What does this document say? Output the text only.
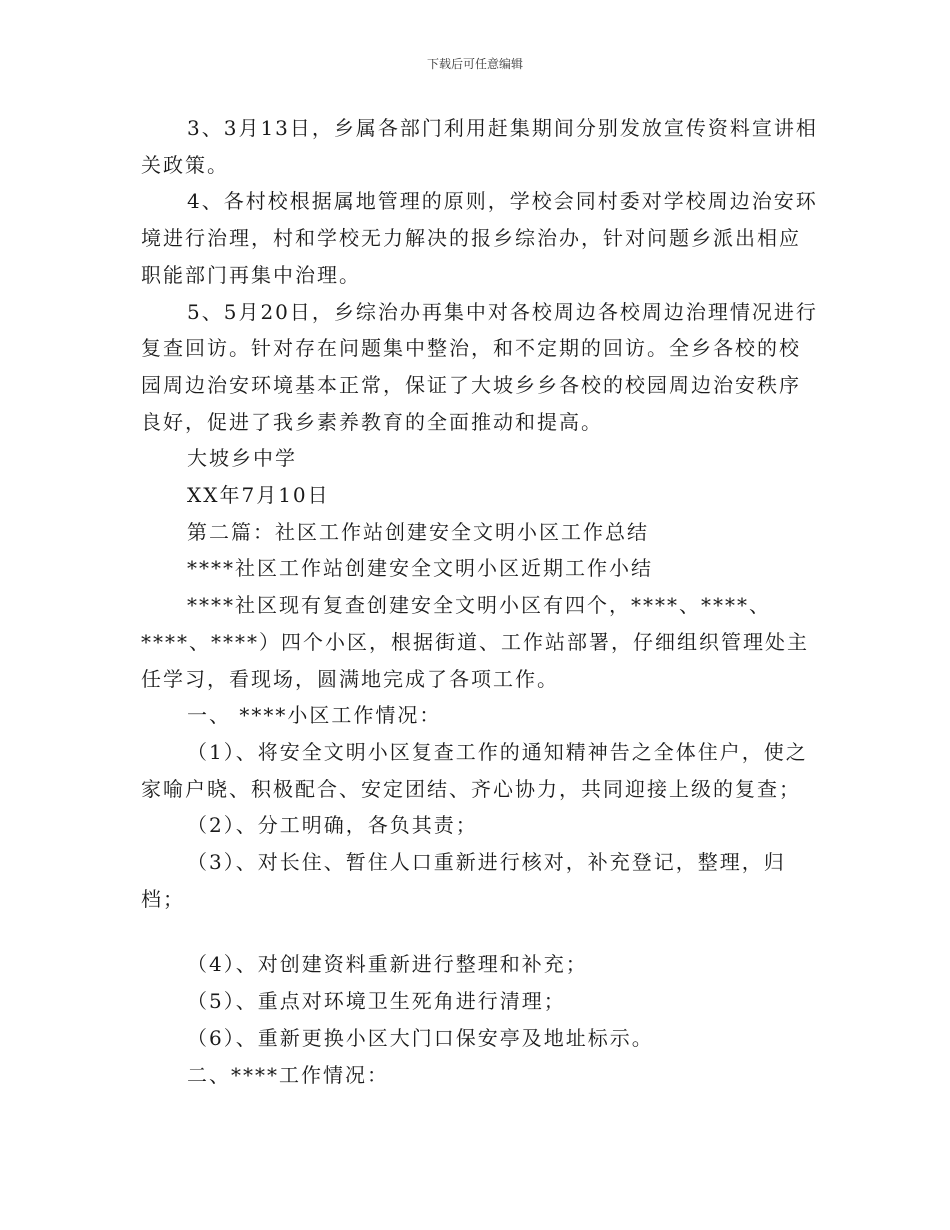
下载后可任意编辑

3、3月13日，乡属各部门利用赶集期间分别发放宣传资料宣讲相关政策。

4、各村校根据属地管理的原则，学校会同村委对学校周边治安环境进行治理，村和学校无力解决的报乡综治办，针对问题乡派出相应职能部门再集中治理。

5、5月20日，乡综治办再集中对各校周边各校周边治理情况进行复查回访。针对存在问题集中整治，和不定期的回访。全乡各校的校园周边治安环境基本正常，保证了大坡乡乡各校的校园周边治安秩序良好，促进了我乡素养教育的全面推动和提高。

大坡乡中学

XX年7月10日

第二篇：社区工作站创建安全文明小区工作总结

****社区工作站创建安全文明小区近期工作小结

****社区现有复查创建安全文明小区有四个，****、****、****、****）四个小区，根据街道、工作站部署，仔细组织管理处主任学习，看现场，圆满地完成了各项工作。

一、 ****小区工作情况：

（1）、将安全文明小区复查工作的通知精神告之全体住户，使之家喻户晓、积极配合、安定团结、齐心协力，共同迎接上级的复查；

（2）、分工明确，各负其责；

（3）、对长住、暂住人口重新进行核对，补充登记，整理，归档；

（4）、对创建资料重新进行整理和补充；

（5）、重点对环境卫生死角进行清理；

（6）、重新更换小区大门口保安亭及地址标示。

二、****工作情况：
